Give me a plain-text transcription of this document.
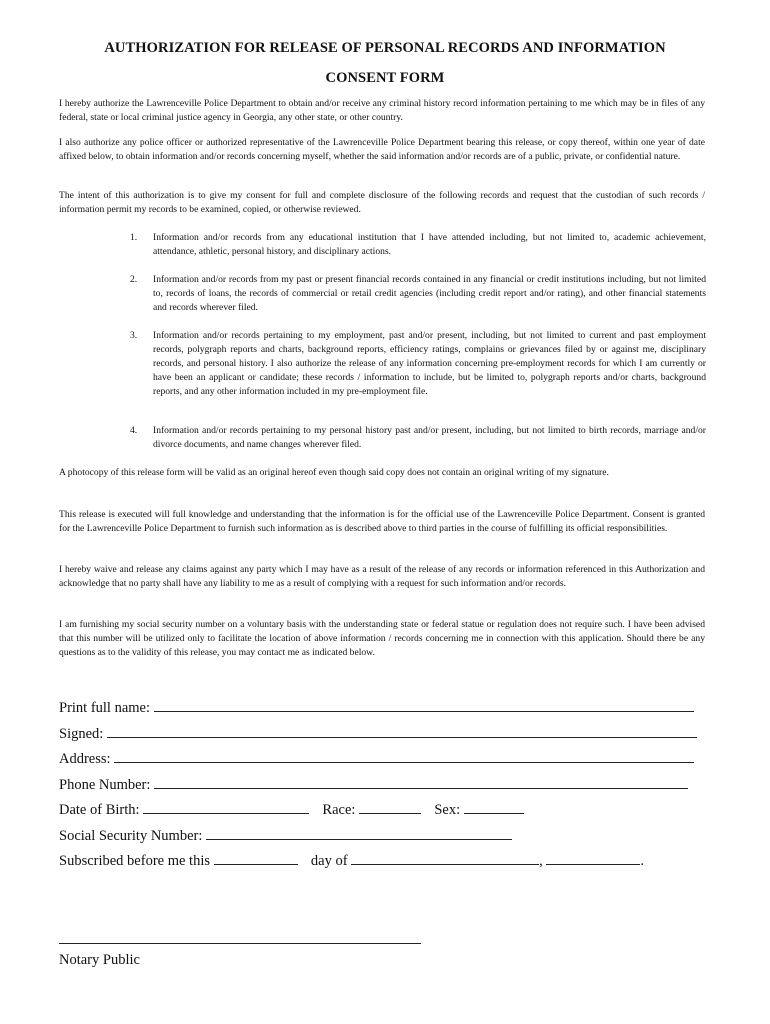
AUTHORIZATION FOR RELEASE OF PERSONAL RECORDS AND INFORMATION
CONSENT FORM

I hereby authorize the Lawrenceville Police Department to obtain and/or receive any criminal history record information pertaining to me which may be in files of any federal, state or local criminal justice agency in Georgia, any other state, or other country.

I also authorize any police officer or authorized representative of the Lawrenceville Police Department bearing this release, or copy thereof, within one year of date affixed below, to obtain information and/or records concerning myself, whether the said information and/or records are of a public, private, or confidential nature.

The intent of this authorization is to give my consent for full and complete disclosure of the following records and request that the custodian of such records / information permit my records to be examined, copied, or otherwise reviewed.

1.	Information and/or records from any educational institution that I have attended including, but not limited to, academic achievement, attendance, athletic, personal history, and disciplinary actions.
2.	Information and/or records from my past or present financial records contained in any financial or credit institutions including, but not limited to, records of loans, the records of commercial or retail credit agencies (including credit report and/or rating), and other financial statements and records wherever filed.
3.	Information and/or records pertaining to my employment, past and/or present, including, but not limited to current and past employment records, polygraph reports and charts, background reports, efficiency ratings, complains or grievances filed by or against me, disciplinary records, and personal history. I also authorize the release of any information concerning pre-employment records for which I am currently or have been an applicant or candidate; these records / information to include, but be limited to, polygraph reports and/or charts, background reports, and any other information included in my pre-employment file.
4.	Information and/or records pertaining to my personal history past and/or present, including, but not limited to birth records, marriage and/or divorce documents, and name changes wherever filed.

A photocopy of this release form will be valid as an original hereof even though said copy does not contain an original writing of my signature.

This release is executed will full knowledge and understanding that the information is for the official use of the Lawrenceville Police Department. Consent is granted for the Lawrenceville Police Department to furnish such information as is described above to third parties in the course of fulfilling its official responsibilities.

I hereby waive and release any claims against any party which I may have as a result of the release of any records or information referenced in this Authorization and acknowledge that no party shall have any liability to me as a result of complying with a request for such information and/or records.

I am furnishing my social security number on a voluntary basis with the understanding state or federal statue or regulation does not require such. I have been advised that this number will be utilized only to facilitate the location of above information / records concerning me in connection with this application. Should there be any questions as to the validity of this release, you may contact me as indicated below.

Print full name:
Signed:
Address:
Phone Number:
Date of Birth:	Race:	Sex:
Social Security Number:
Subscribed before me this	day of	,	.
Notary Public
